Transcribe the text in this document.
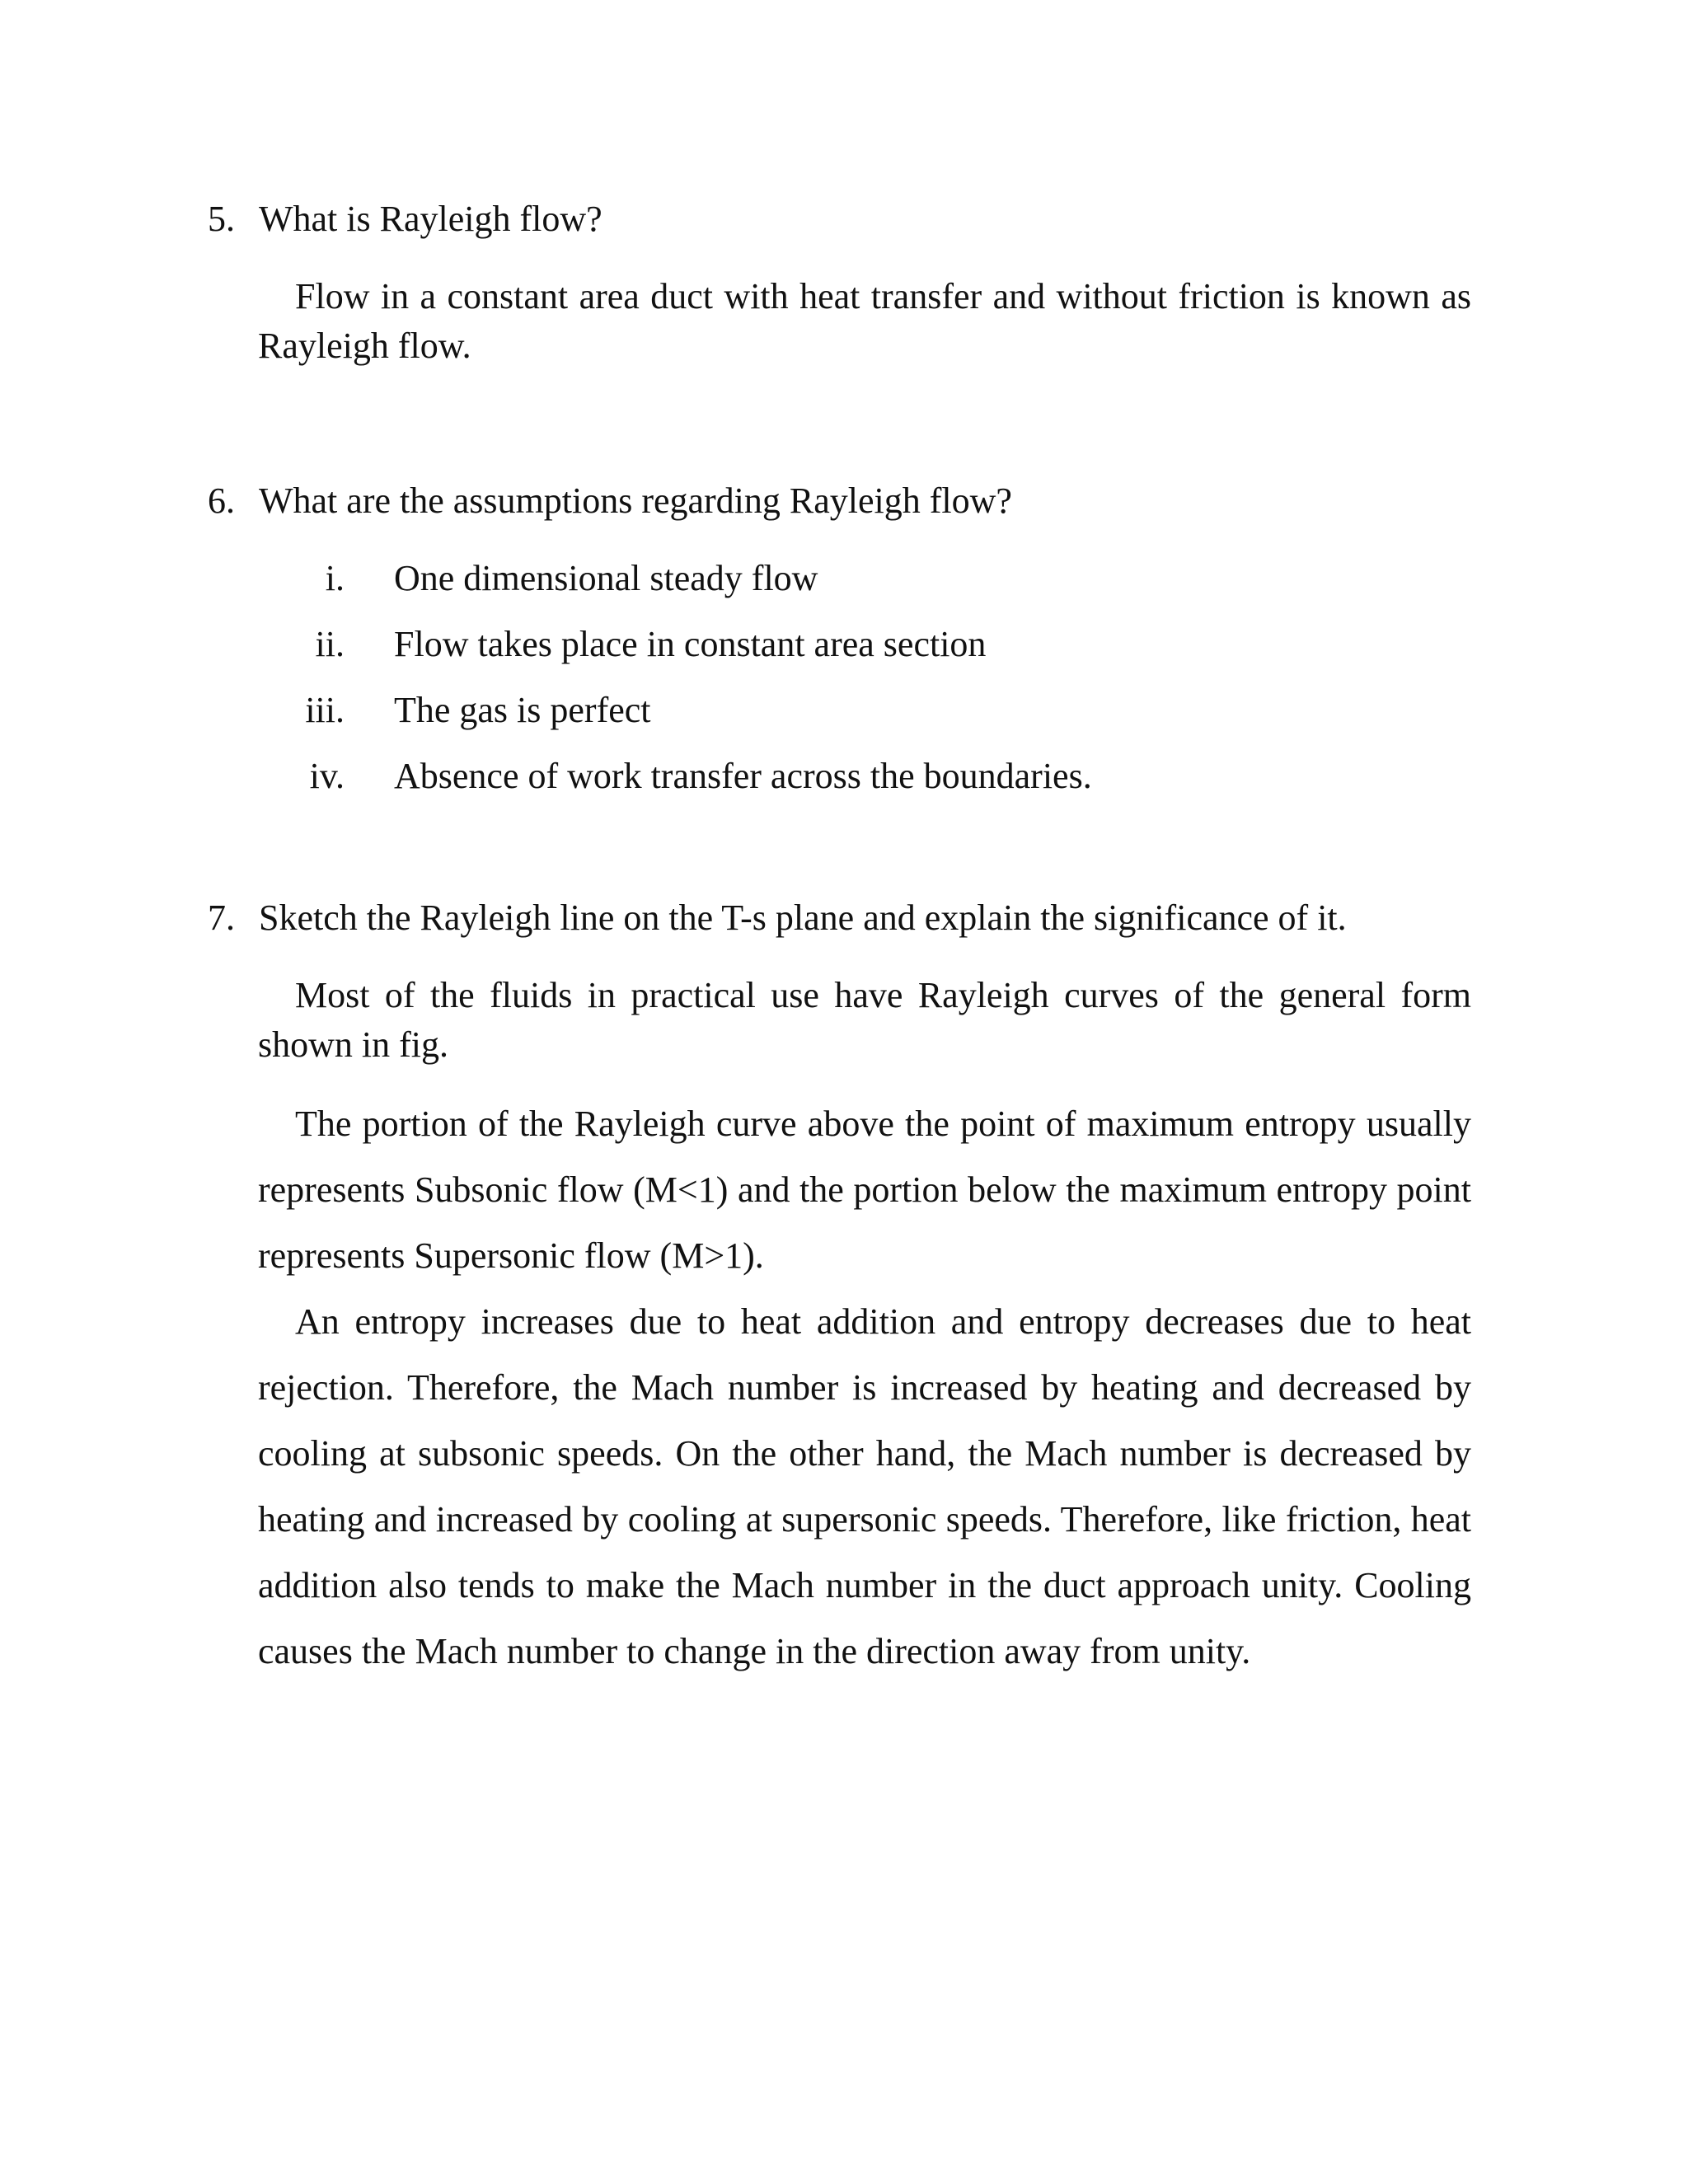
5. What is Rayleigh flow?

Flow in a constant area duct with heat transfer and without friction is known as Rayleigh flow.

6. What are the assumptions regarding Rayleigh flow?
i. One dimensional steady flow
ii. Flow takes place in constant area section
iii. The gas is perfect
iv. Absence of work transfer across the boundaries.
7. Sketch the Rayleigh line on the T-s plane and explain the significance of it.

Most of the fluids in practical use have Rayleigh curves of the general form shown in fig.

The portion of the Rayleigh curve above the point of maximum entropy usually represents Subsonic flow (M<1) and the portion below the maximum entropy point represents Supersonic flow (M>1).

An entropy increases due to heat addition and entropy decreases due to heat rejection. Therefore, the Mach number is increased by heating and decreased by cooling at subsonic speeds. On the other hand, the Mach number is decreased by heating and increased by cooling at supersonic speeds. Therefore, like friction, heat addition also tends to make the Mach number in the duct approach unity. Cooling causes the Mach number to change in the direction away from unity.
